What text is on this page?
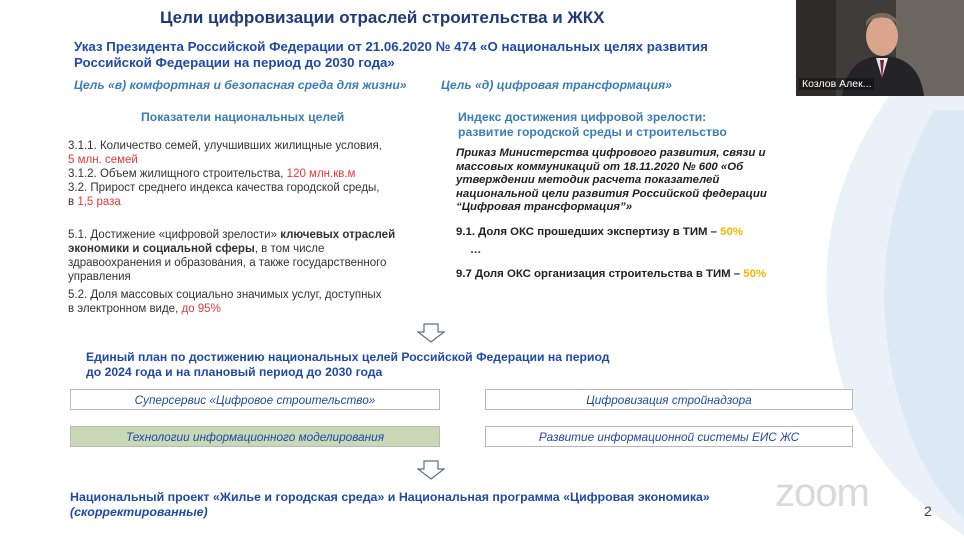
Цели цифровизации отраслей строительства и ЖКХ
Указ Президента Российской Федерации от 21.06.2020 № 474 «О национальных целях развития
Российской Федерации на период до 2030 года»
Цель «в) комфортная и безопасная среда для жизни»	Цель «д) цифровая трансформация»
Показатели национальных целей
3.1.1. Количество семей, улучшивших жилищные условия,
5 млн. семей
3.1.2. Объем жилищного строительства, 120 млн.кв.м
3.2. Прирост среднего индекса качества городской среды,
в 1,5 раза
5.1. Достижение «цифровой зрелости» ключевых отраслей
экономики и социальной сферы, в том числе
здравоохранения и образования, а также государственного
управления
5.2. Доля массовых социально значимых услуг, доступных
в электронном виде, до 95%
Индекс достижения цифровой зрелости:
развитие городской среды и строительство
Приказ Министерства цифрового развития, связи и
массовых коммуникаций от 18.11.2020 № 600 «Об
утверждении методик расчета показателей
национальной цели развития Российской федерации
“Цифровая трансформация”»
9.1. Доля ОКС прошедших экспертизу в ТИМ – 50%
…
9.7 Доля ОКС организация строительства в ТИМ – 50%
Единый план по достижению национальных целей Российской Федерации на период
до 2024 года и на плановый период до 2030 года
Суперсервис «Цифровое строительство»	Цифровизация стройнадзора
Технологии информационного моделирования	Развитие информационной системы ЕИС ЖС
Национальный проект «Жилье и городская среда» и Национальная программа «Цифровая экономика»
(скорректированные)	2
Козлов Алек...
zoom
